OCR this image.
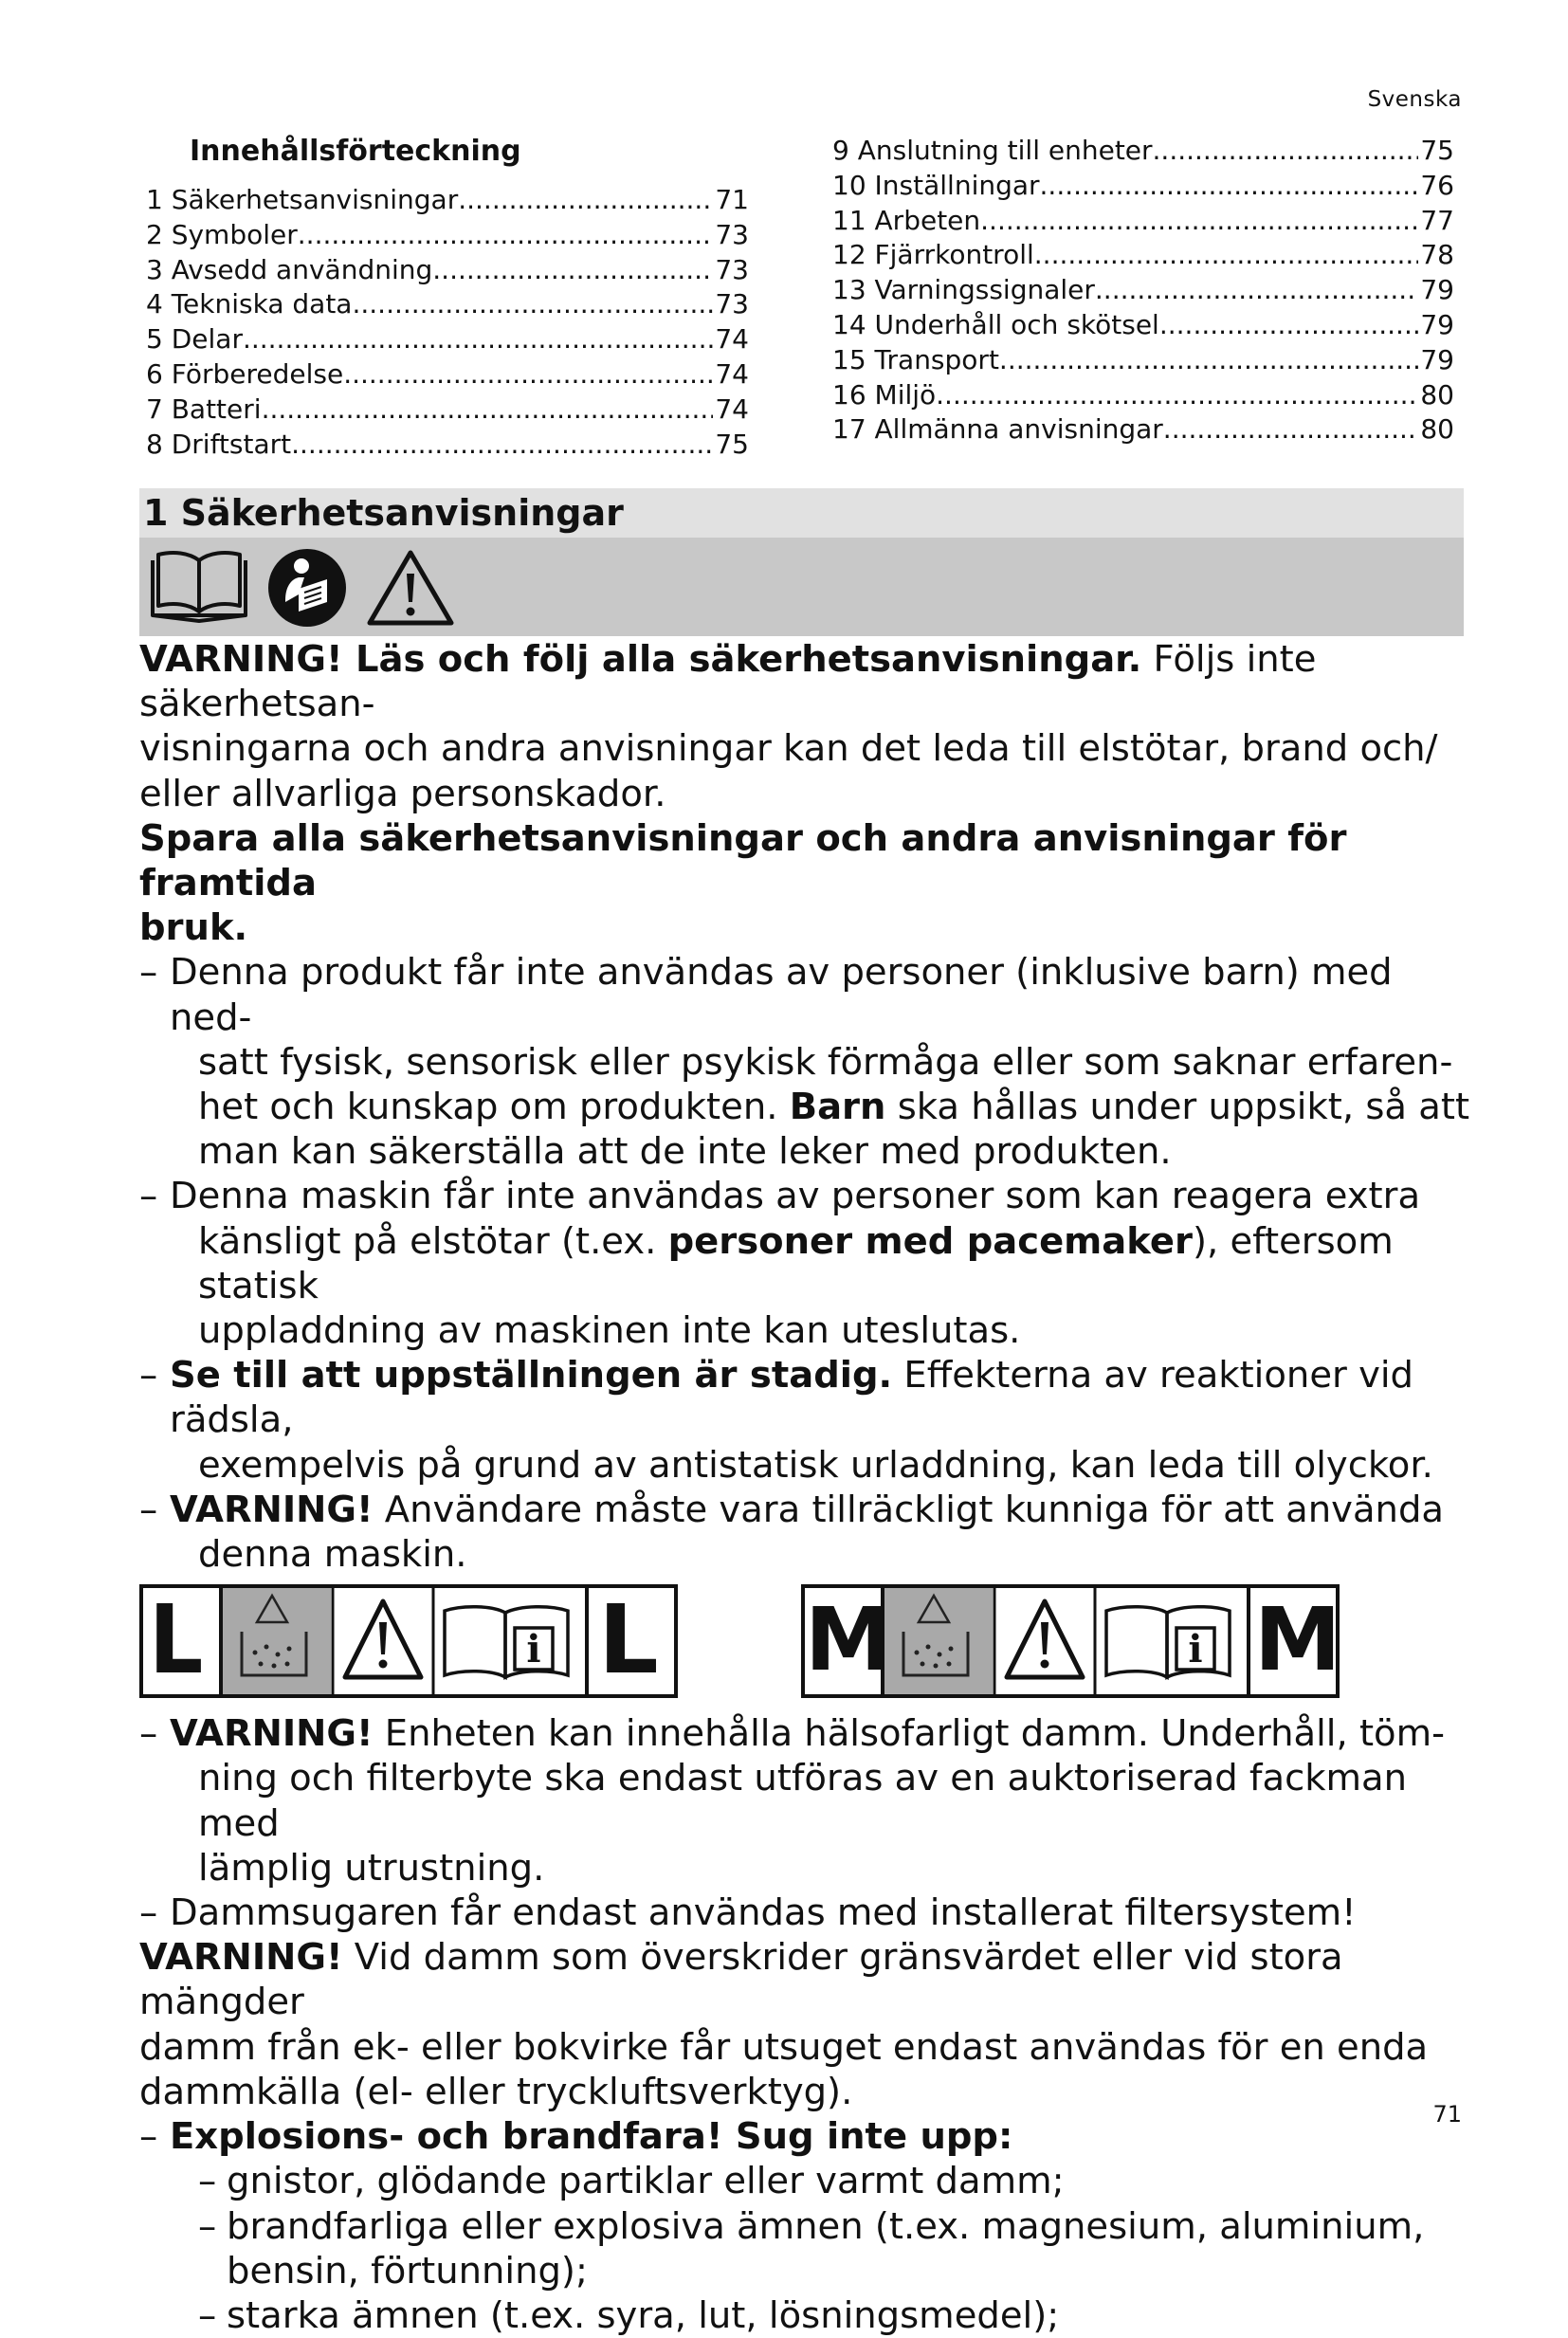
Svenska
Innehållsförteckning
1 Säkerhetsanvisningar .....	71
2 Symboler .....	73
3 Avsedd användning .....	73
4 Tekniska data .....	73
5 Delar .....	74
6 Förberedelse .....	74
7 Batteri .....	74
8 Driftstart .....	75
9 Anslutning till enheter .....	75
10 Inställningar .....	76
11 Arbeten .....	77
12 Fjärrkontroll .....	78
13 Varningssignaler .....	79
14 Underhåll och skötsel .....	79
15 Transport .....	79
16 Miljö .....	80
17 Allmänna anvisningar .....	80
1 Säkerhetsanvisningar

VARNING! Läs och följ alla säkerhetsanvisningar. Följs inte säkerhetsan-
visningarna och andra anvisningar kan det leda till elstötar, brand och/
eller allvarliga personskador.

Spara alla säkerhetsanvisningar och andra anvisningar för framtida
bruk.

– Denna produkt får inte användas av personer (inklusive barn) med ned-
satt fysisk, sensorisk eller psykisk förmåga eller som saknar erfaren-
het och kunskap om produkten. Barn ska hållas under uppsikt, så att
man kan säkerställa att de inte leker med produkten.
– Denna maskin får inte användas av personer som kan reagera extra
känsligt på elstötar (t.ex. personer med pacemaker), eftersom statisk
uppladdning av maskinen inte kan uteslutas.
– Se till att uppställningen är stadig. Effekterna av reaktioner vid rädsla,
exempelvis på grund av antistatisk urladdning, kan leda till olyckor.
– VARNING! Användare måste vara tillräckligt kunniga för att använda
denna maskin.
i
L	L	i
M	M
– VARNING! Enheten kan innehålla hälsofarligt damm. Underhåll, töm-
ning och filterbyte ska endast utföras av en auktoriserad fackman med
lämplig utrustning.
– Dammsugaren får endast användas med installerat filtersystem!

VARNING! Vid damm som överskrider gränsvärdet eller vid stora mängder
damm från ek- eller bokvirke får utsuget endast användas för en enda
dammkälla (el- eller tryckluftsverktyg).

– Explosions- och brandfara! Sug inte upp:
– gnistor, glödande partiklar eller varmt damm;
– brandfarliga eller explosiva ämnen (t.ex. magnesium, aluminium,
bensin, förtunning);
– starka ämnen (t.ex. syra, lut, lösningsmedel);
71
